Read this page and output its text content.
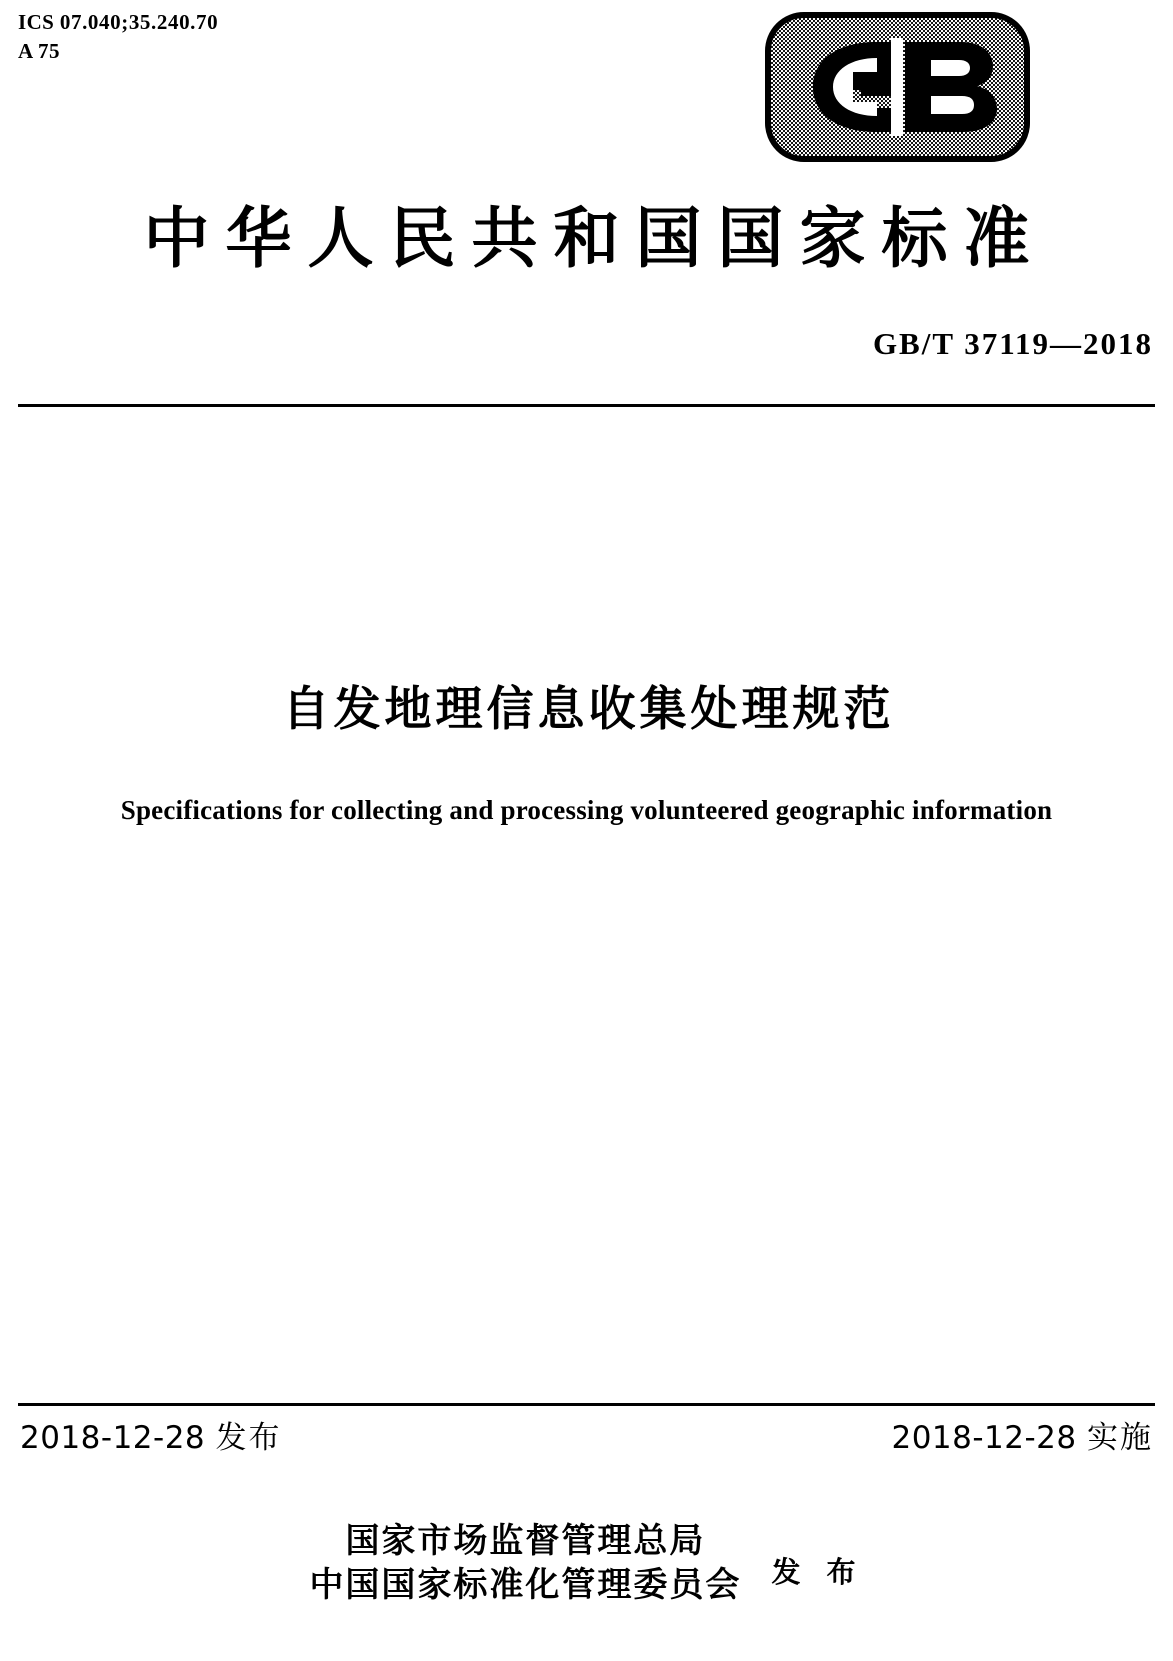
ICS 07.040;35.240.70
A 75
中华人民共和国国家标准
GB/T 37119—2018
自发地理信息收集处理规范
Specifications for collecting and processing volunteered geographic information
2018-12-28 发布	2018-12-28 实施
国家市场监督管理总局
中国国家标准化管理委员会 发 布
